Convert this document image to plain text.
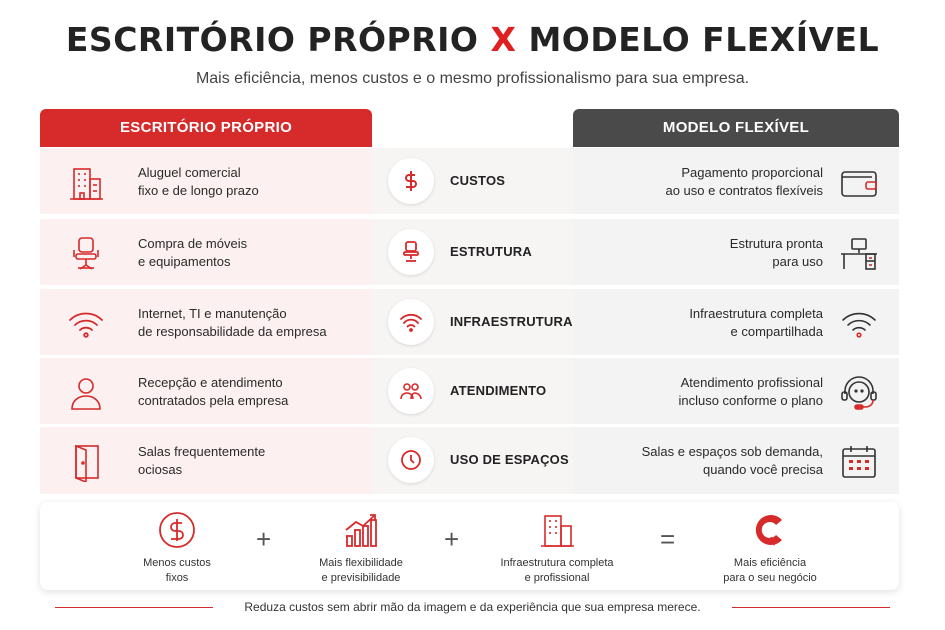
ESCRITÓRIO PRÓPRIO X MODELO FLEXÍVEL
Mais eficiência, menos custos e o mesmo profissionalismo para sua empresa.
ESCRITÓRIO PRÓPRIO	MODELO FLEXÍVEL
Aluguel comercial
fixo e de longo prazo
CUSTOS
Pagamento proporcional
ao uso e contratos flexíveis
Compra de móveis
e equipamentos
ESTRUTURA
Estrutura pronta
para uso
Internet, TI e manutenção
de responsabilidade da empresa
INFRAESTRUTURA
Infraestrutura completa
e compartilhada
Recepção e atendimento
contratados pela empresa
ATENDIMENTO
Atendimento profissional
incluso conforme o plano
Salas frequentemente
ociosas
USO DE ESPAÇOS
Salas e espaços sob demanda,
quando você precisa
Menos custos
fixos
+
Mais flexibilidade
e previsibilidade
+
Infraestrutura completa
e profissional
=
Mais eficiência
para o seu negócio
Reduza custos sem abrir mão da imagem e da experiência que sua empresa merece.
